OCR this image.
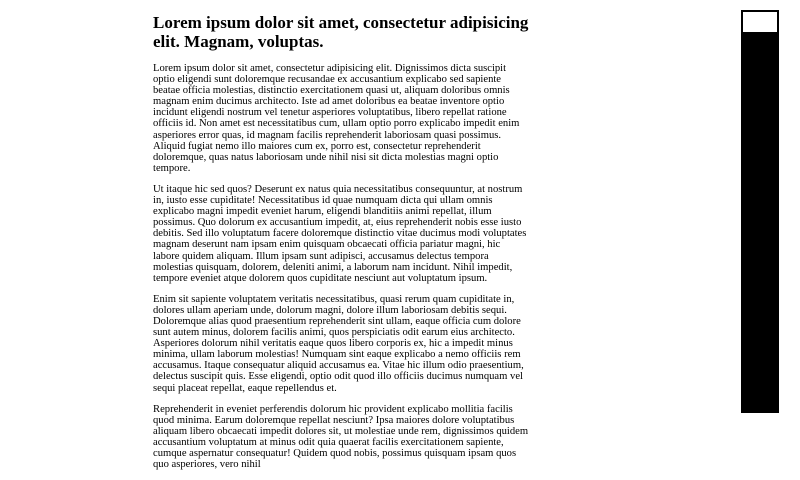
Lorem ipsum dolor sit amet, consectetur adipisicing elit. Magnam, voluptas.

Lorem ipsum dolor sit amet, consectetur adipisicing elit. Dignissimos dicta suscipit optio eligendi sunt doloremque recusandae ex accusantium explicabo sed sapiente beatae officia molestias, distinctio exercitationem quasi ut, aliquam doloribus omnis magnam enim ducimus architecto. Iste ad amet doloribus ea beatae inventore optio incidunt eligendi nostrum vel tenetur asperiores voluptatibus, libero repellat ratione officiis id. Non amet est necessitatibus cum, ullam optio porro explicabo impedit enim asperiores error quas, id magnam facilis reprehenderit laboriosam quasi possimus. Aliquid fugiat nemo illo maiores cum ex, porro est, consectetur reprehenderit doloremque, quas natus laboriosam unde nihil nisi sit dicta molestias magni optio tempore.

Ut itaque hic sed quos? Deserunt ex natus quia necessitatibus consequuntur, at nostrum in, iusto esse cupiditate! Necessitatibus id quae numquam dicta qui ullam omnis explicabo magni impedit eveniet harum, eligendi blanditiis animi repellat, illum possimus. Quo dolorum ex accusantium impedit, at, eius reprehenderit nobis esse iusto debitis. Sed illo voluptatum facere doloremque distinctio vitae ducimus modi voluptates magnam deserunt nam ipsam enim quisquam obcaecati officia pariatur magni, hic labore quidem aliquam. Illum ipsam sunt adipisci, accusamus delectus tempora molestias quisquam, dolorem, deleniti animi, a laborum nam incidunt. Nihil impedit, tempore eveniet atque dolorem quos cupiditate nesciunt aut voluptatum ipsum.

Enim sit sapiente voluptatem veritatis necessitatibus, quasi rerum quam cupiditate in, dolores ullam aperiam unde, dolorum magni, dolore illum laboriosam debitis sequi. Doloremque alias quod praesentium reprehenderit sint ullam, eaque officia cum dolore sunt autem minus, dolorem facilis animi, quos perspiciatis odit earum eius architecto. Asperiores dolorum nihil veritatis eaque quos libero corporis ex, hic a impedit minus minima, ullam laborum molestias! Numquam sint eaque explicabo a nemo officiis rem accusamus. Itaque consequatur aliquid accusamus ea. Vitae hic illum odio praesentium, delectus suscipit quis. Esse eligendi, optio odit quod illo officiis ducimus numquam vel sequi placeat repellat, eaque repellendus et.

Reprehenderit in eveniet perferendis dolorum hic provident explicabo mollitia facilis quod minima. Earum doloremque repellat nesciunt? Ipsa maiores dolore voluptatibus aliquam libero obcaecati impedit dolores sit, ut molestiae unde rem, dignissimos quidem accusantium voluptatum at minus odit quia quaerat facilis exercitationem sapiente, cumque aspernatur consequatur! Quidem quod nobis, possimus quisquam ipsam quos quo asperiores, vero nihil
